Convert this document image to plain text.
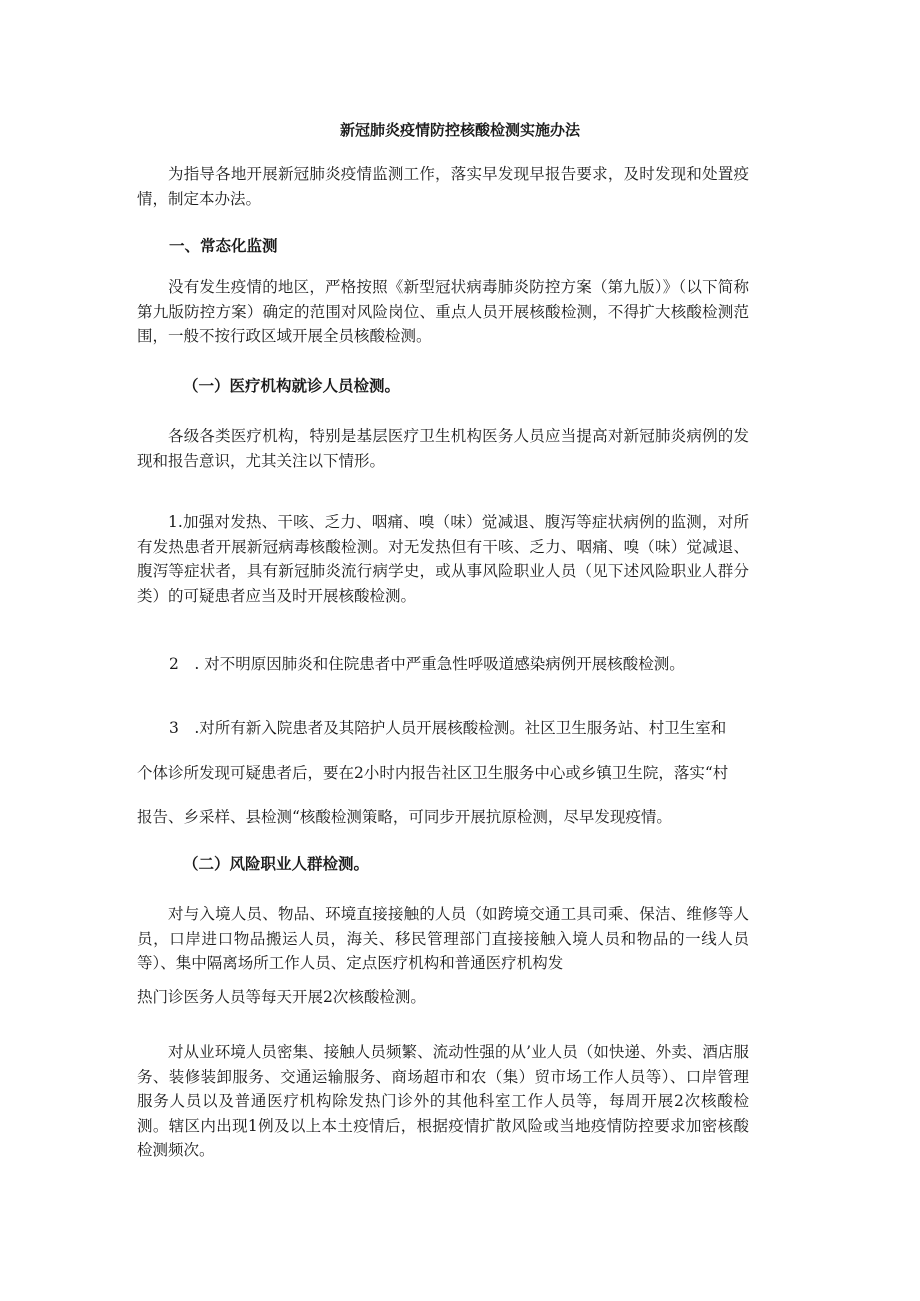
新冠肺炎疫情防控核酸检测实施办法
为指导各地开展新冠肺炎疫情监测工作，落实早发现早报告要求，及时发现和处置疫情，制定本办法。
一、常态化监测
没有发生疫情的地区，严格按照《新型冠状病毒肺炎防控方案（第九版）》（以下简称第九版防控方案）确定的范围对风险岗位、重点人员开展核酸检测，不得扩大核酸检测范围，一般不按行政区域开展全员核酸检测。
（一）医疗机构就诊人员检测。
各级各类医疗机构，特别是基层医疗卫生机构医务人员应当提高对新冠肺炎病例的发现和报告意识，尤其关注以下情形。
1.加强对发热、干咳、乏力、咽痛、嗅（味）觉减退、腹泻等症状病例的监测，对所有发热患者开展新冠病毒核酸检测。对无发热但有干咳、乏力、咽痛、嗅（味）觉减退、腹泻等症状者，具有新冠肺炎流行病学史，或从事风险职业人员（见下述风险职业人群分类）的可疑患者应当及时开展核酸检测。
2　. 对不明原因肺炎和住院患者中严重急性呼吸道感染病例开展核酸检测。
3　.对所有新入院患者及其陪护人员开展核酸检测。社区卫生服务站、村卫生室和
个体诊所发现可疑患者后，要在2小时内报告社区卫生服务中心或乡镇卫生院，落实“村
报告、乡采样、县检测“核酸检测策略，可同步开展抗原检测，尽早发现疫情。
（二）风险职业人群检测。
对与入境人员、物品、环境直接接触的人员（如跨境交通工具司乘、保洁、维修等人员，口岸进口物品搬运人员，海关、移民管理部门直接接触入境人员和物品的一线人员等）、集中隔离场所工作人员、定点医疗机构和普通医疗机构发
热门诊医务人员等每天开展2次核酸检测。
对从业环境人员密集、接触人员频繁、流动性强的从’业人员（如快递、外卖、酒店服务、装修装卸服务、交通运输服务、商场超市和农（集）贸市场工作人员等）、口岸管理服务人员以及普通医疗机构除发热门诊外的其他科室工作人员等，每周开展2次核酸检测。辖区内出现1例及以上本土疫情后，根据疫情扩散风险或当地疫情防控要求加密核酸检测频次。
